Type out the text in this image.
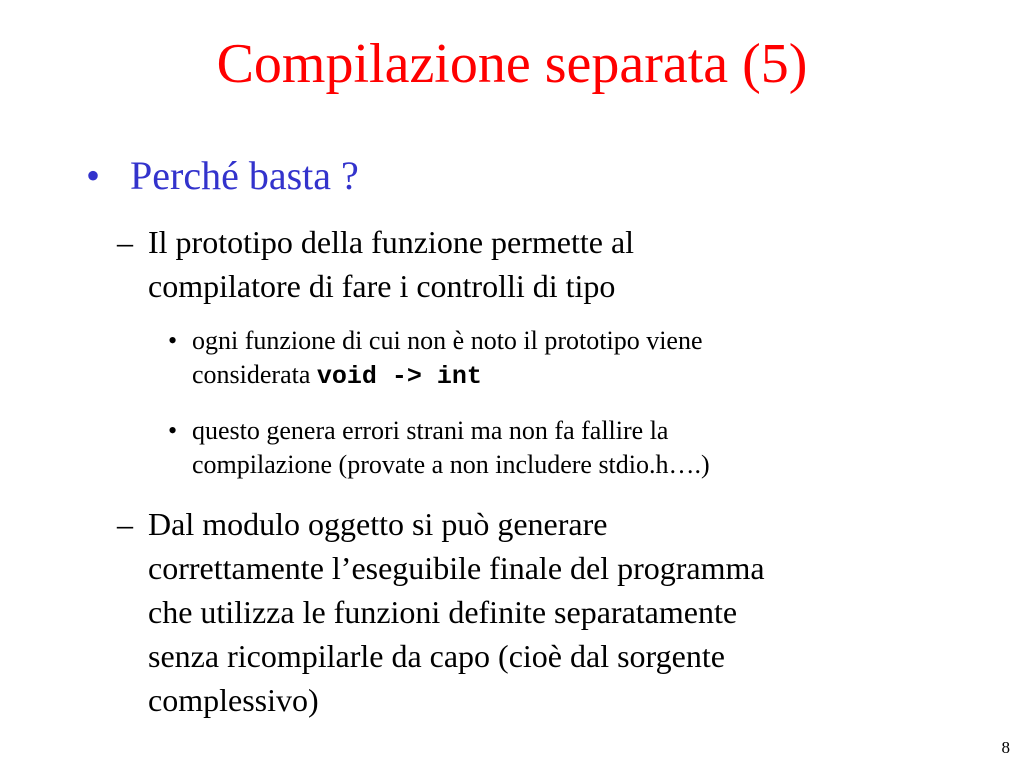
Compilazione separata (5)
• Perché basta ?
– Il prototipo della funzione permette al
compilatore di fare i controlli di tipo
• ogni funzione di cui non è noto il prototipo viene
considerata void -> int
• questo genera errori strani ma non fa fallire la
compilazione (provate a non includere stdio.h….)
– Dal modulo oggetto si può generare
correttamente l’eseguibile finale del programma
che utilizza le funzioni definite separatamente
senza ricompilarle da capo (cioè dal sorgente
complessivo)
8
